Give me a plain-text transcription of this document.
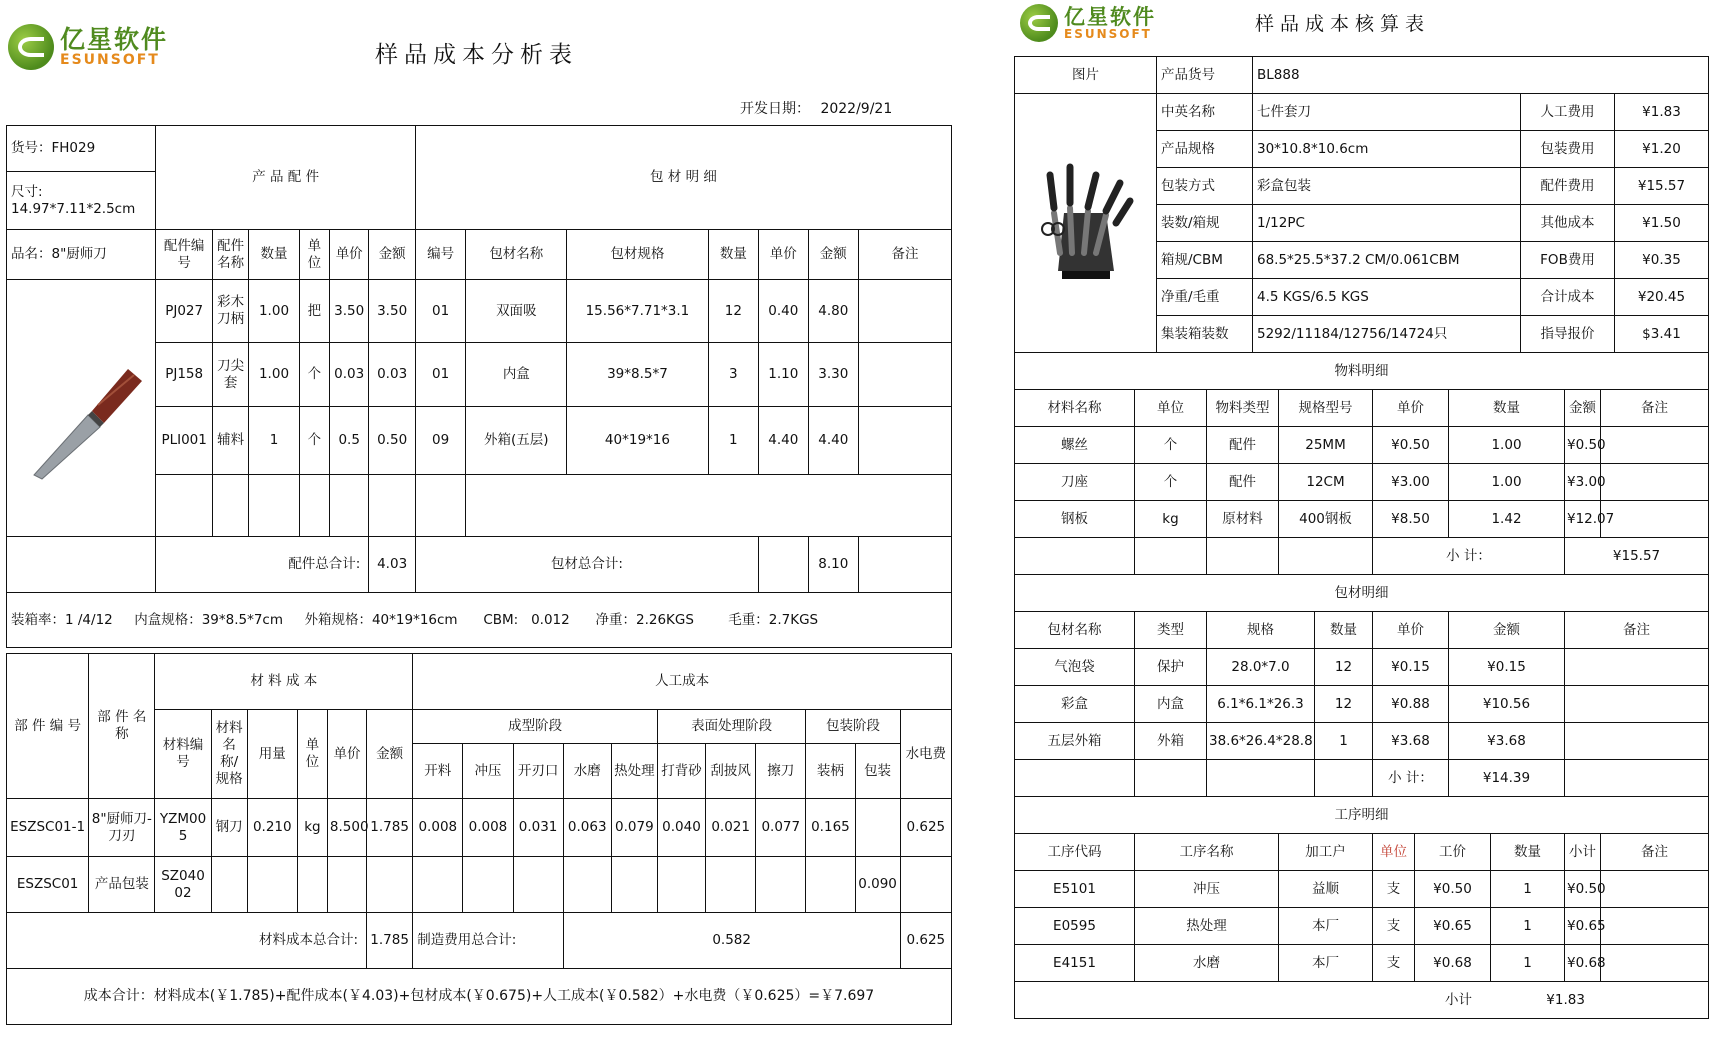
亿星软件
ESUNSOFT	样品成本分析表
开发日期： 2022/9/21
货号：FH029	产 品 配 件						包 材 明 细						

尺寸:
14.97*7.11*2.5cm													

品名：8"厨师刀	配件编号	配件名称	数量	单位	单价	金额	编号	包材名称	包材规格	数量	单价	金额	备注

	PJ027	彩木刀柄	1.00	把	3.50	3.50	01	双面吸	15.56*7.71*3.1	12	0.40	4.80	
	PJ158	刀尖套	1.00	个	0.03	0.03	01	内盒	39*8.5*7	3	1.10	3.30	
	PLI001	辅料	1	个	0.5	0.50	09	外箱(五层)	40*19*16	1	4.40	4.40	

	配件总合计:					4.03	包材总合计:					8.10	
装箱率：1 /4/12     内盒规格：39*8.5*7cm     外箱规格：40*19*16cm      CBM:   0.012      净重：2.26KGS        毛重：2.7KGS													
部 件 编 号	部 件 名 称	材 料 成 本						人工成本										
		材料编号	材料名称/规格	用量	单位	单价	金额	成型阶段					表面处理阶段			包装阶段		水电费
								开料	冲压	开刃口	水磨	热处理	打背砂	刮披风	擦刀	装柄	包装	
ESZSC01-1	8"厨师刀-刀刃	YZM005	钢刀	0.210	kg	8.500	1.785	0.008	0.008	0.031	0.063	0.079	0.040	0.021	0.077	0.165		0.625
ESZSC01	产品包装	SZ04002															0.090	
材料成本总合计:							1.785	制造费用总合计:			0.582							0.625
成本合计：材料成本(￥1.785)+配件成本(￥4.03)+包材成本(￥0.675)+人工成本(￥0.582）+水电费（￥0.625）=￥7.697																		
亿星软件
ESUNSOFT	样品成本核算表
图片	产品货号	BL888		

	中英名称	七件套刀	人工费用	¥1.83
	产品规格	30*10.8*10.6cm	包装费用	¥1.20
	包装方式	彩盒包装	配件费用	¥15.57
	装数/箱规	1/12PC	其他成本	¥1.50
	箱规/CBM	68.5*25.5*37.2 CM/0.061CBM	FOB费用	¥0.35
	净重/毛重	4.5 KGS/6.5 KGS	合计成本	¥20.45
	集装箱装数	5292/11184/12756/14724只	指导报价	$3.41
物料明细										
材料名称	单位	物料类型	规格型号		单价		数量		金额	备注
螺丝	个	配件	25MM		¥0.50		1.00		¥0.50	
刀座	个	配件	12CM		¥3.00		1.00		¥3.00	
钢板	kg	原材料	400钢板		¥8.50		1.42		¥12.07	
					小 计：				¥15.57	
包材明细										
包材名称	类型	规格		数量	单价		金额		备注	
气泡袋	保护	28.0*7.0		12	¥0.15		¥0.15			
彩盒	内盒	6.1*6.1*26.3		12	¥0.88		¥10.56			
五层外箱	外箱	38.6*26.4*28.8		1	¥3.68		¥3.68			
					小 计：		¥14.39			
工序明细										
工序代码	工序名称		加工户		单位	工价		数量	小计	备注
E5101	冲压		益顺		支	¥0.50		1	¥0.50	
E0595	热处理		本厂		支	¥0.65		1	¥0.65	
E4151	水磨		本厂		支	¥0.68		1	¥0.68	
小计 ¥1.83										
